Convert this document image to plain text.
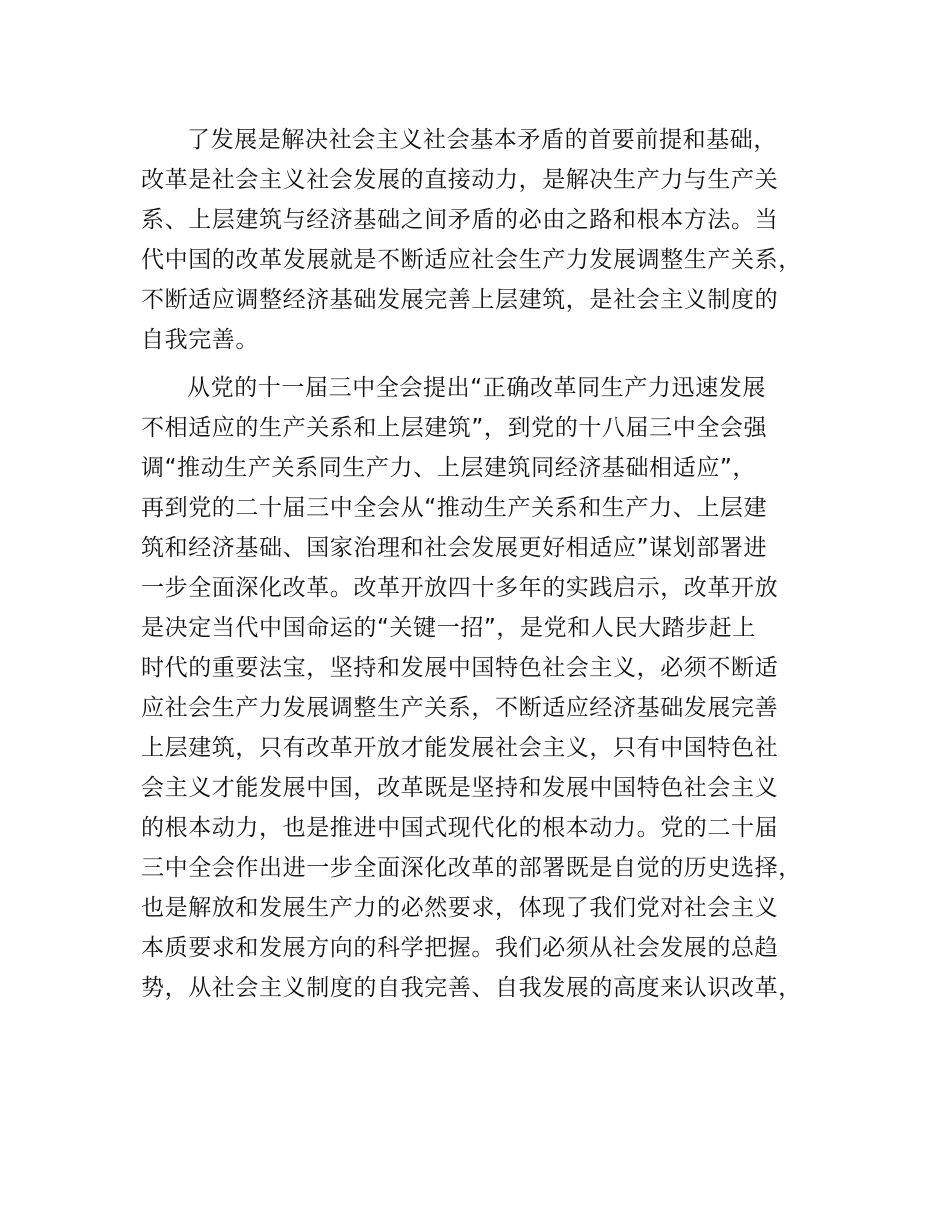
了发展是解决社会主义社会基本矛盾的首要前提和基础，
改革是社会主义社会发展的直接动力，是解决生产力与生产关
系、上层建筑与经济基础之间矛盾的必由之路和根本方法。当
代中国的改革发展就是不断适应社会生产力发展调整生产关系，
不断适应调整经济基础发展完善上层建筑，是社会主义制度的
自我完善。
从党的十一届三中全会提出“正确改革同生产力迅速发展
不相适应的生产关系和上层建筑”，到党的十八届三中全会强
调“推动生产关系同生产力、上层建筑同经济基础相适应”，
再到党的二十届三中全会从“推动生产关系和生产力、上层建
筑和经济基础、国家治理和社会发展更好相适应”谋划部署进
一步全面深化改革。改革开放四十多年的实践启示，改革开放
是决定当代中国命运的“关键一招”，是党和人民大踏步赶上
时代的重要法宝，坚持和发展中国特色社会主义，必须不断适
应社会生产力发展调整生产关系，不断适应经济基础发展完善
上层建筑，只有改革开放才能发展社会主义，只有中国特色社
会主义才能发展中国，改革既是坚持和发展中国特色社会主义
的根本动力，也是推进中国式现代化的根本动力。党的二十届
三中全会作出进一步全面深化改革的部署既是自觉的历史选择，
也是解放和发展生产力的必然要求，体现了我们党对社会主义
本质要求和发展方向的科学把握。我们必须从社会发展的总趋
势，从社会主义制度的自我完善、自我发展的高度来认识改革，
